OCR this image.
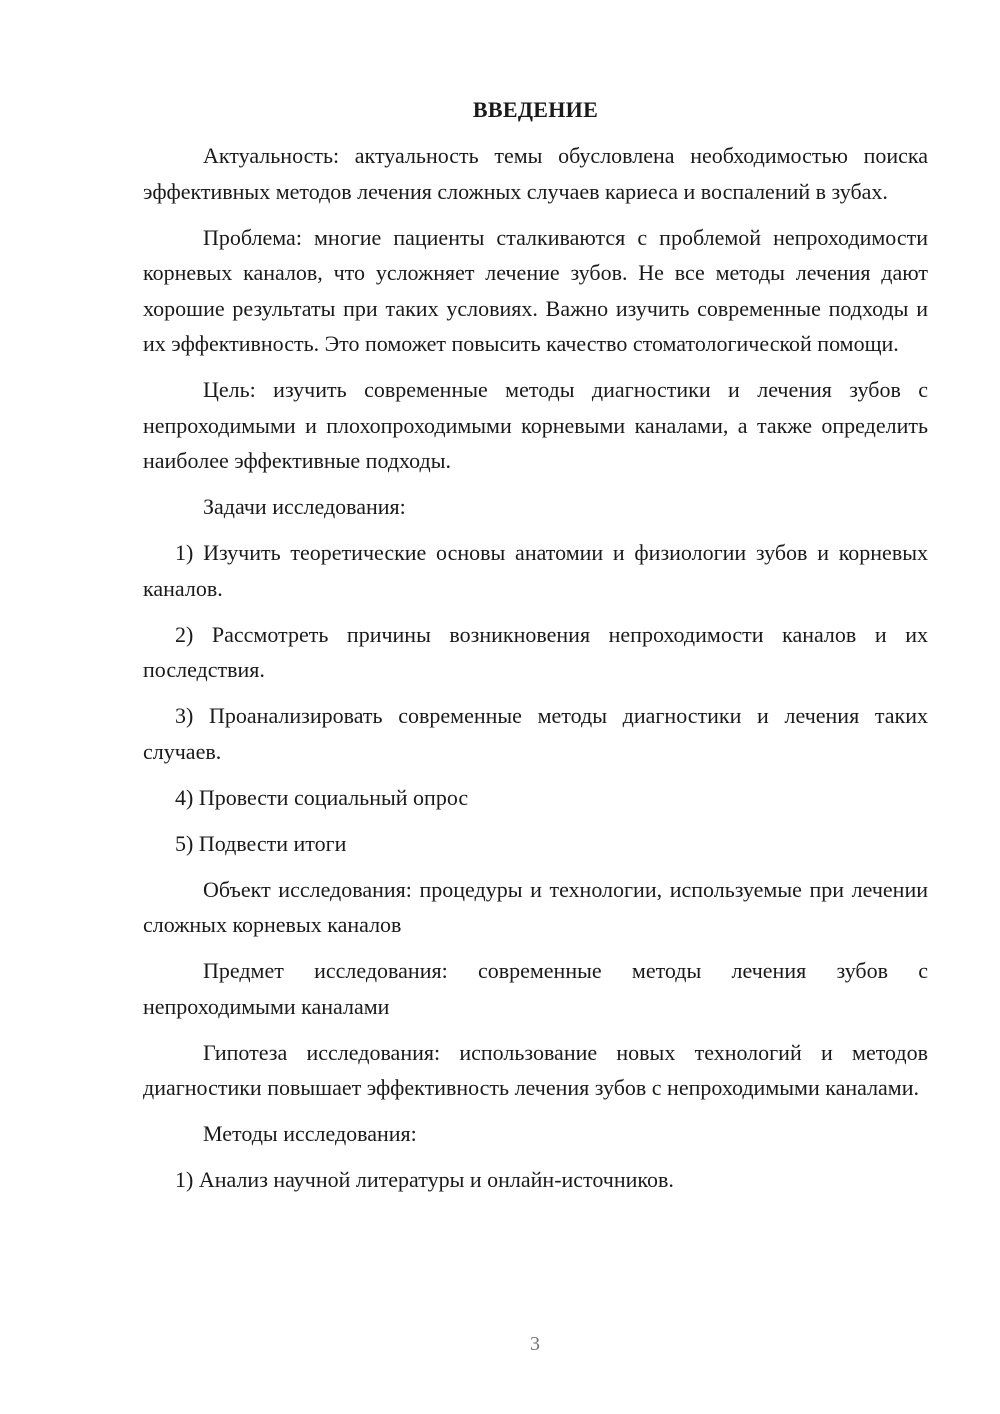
ВВЕДЕНИЕ

Актуальность: актуальность темы обусловлена необходимостью поиска эффективных методов лечения сложных случаев кариеса и воспалений в зубах.

Проблема: многие пациенты сталкиваются с проблемой непроходимости корневых каналов, что усложняет лечение зубов. Не все методы лечения дают хорошие результаты при таких условиях. Важно изучить современные подходы и их эффективность. Это поможет повысить качество стоматологической помощи.

Цель: изучить современные методы диагностики и лечения зубов с непроходимыми и плохопроходимыми корневыми каналами, а также определить наиболее эффективные подходы.

Задачи исследования:

1) Изучить теоретические основы анатомии и физиологии зубов и корневых каналов.

2) Рассмотреть причины возникновения непроходимости каналов и их последствия.

3) Проанализировать современные методы диагностики и лечения таких случаев.

4) Провести социальный опрос

5) Подвести итоги

Объект исследования: процедуры и технологии, используемые при лечении сложных корневых каналов

Предмет исследования: современные методы лечения зубов с непроходимыми каналами

Гипотеза исследования: использование новых технологий и методов диагностики повышает эффективность лечения зубов с непроходимыми каналами.

Методы исследования:

1) Анализ научной литературы и онлайн-источников.

3
